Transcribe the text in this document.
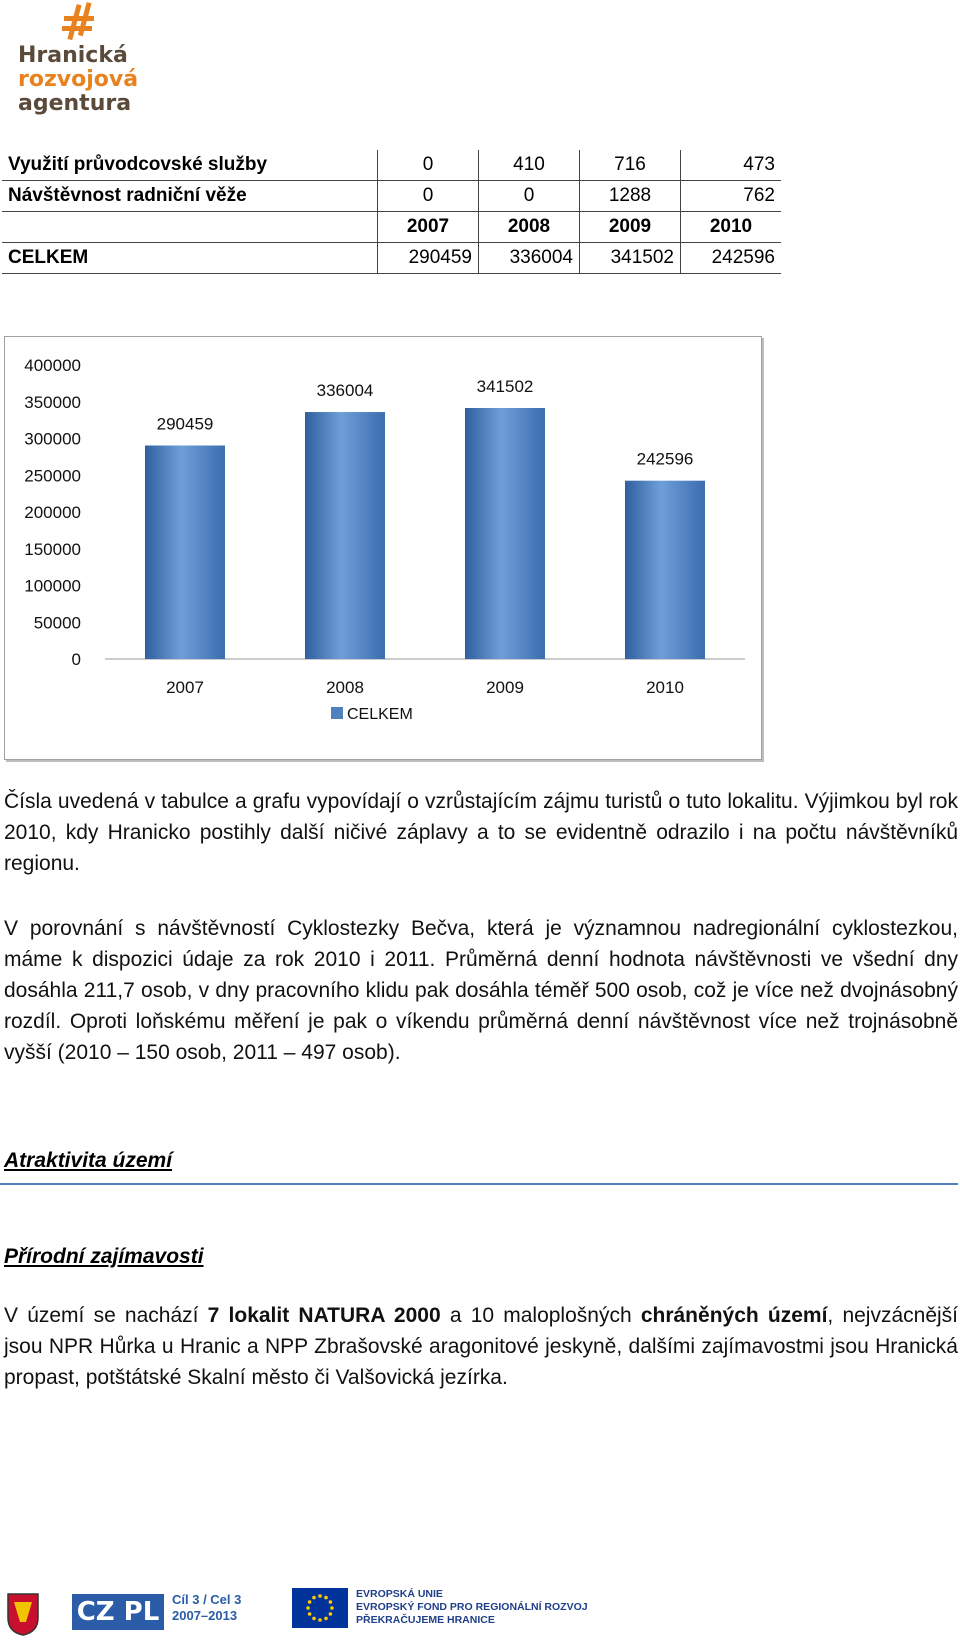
Hranická
rozvojová
agentura
Využití průvodcovské služby	0	410	716	473
Návštěvnost radniční věže	0	0	1288	762
	2007	2008	2009	2010
CELKEM	290459	336004	341502	242596
0
50000
100000
150000
200000
250000
300000
350000
400000
290459
2007
336004
2008
341502
2009
242596
2010
CELKEM
Čísla uvedená v tabulce a grafu vypovídají o vzrůstajícím zájmu turistů o tuto lokalitu. Výjimkou byl rok 2010, kdy Hranicko postihly další ničivé záplavy a to se evidentně odrazilo i na počtu návštěvníků regionu.
V porovnání s návštěvností Cyklostezky Bečva, která je významnou nadregionální cyklostezkou, máme k dispozici údaje za rok 2010 i 2011. Průměrná denní hodnota návštěvnosti ve všední dny dosáhla 211,7 osob, v dny pracovního klidu pak dosáhla téměř 500 osob, což je více než dvojnásobný rozdíl. Oproti loňskému měření je pak o víkendu průměrná denní návštěvnost více než trojnásobně vyšší (2010 – 150 osob, 2011 – 497 osob).
Atraktivita území
Přírodní zajímavosti
V území se nachází 7 lokalit NATURA 2000 a 10 maloplošných chráněných území, nejvzácnější jsou NPR Hůrka u Hranic a NPP Zbrašovské aragonitové jeskyně, dalšími zajímavostmi jsou Hranická propast, potštátské Skalní město či Valšovická jezírka.
CZ PL Cíl 3 / Cel 3
2007–2013
EVROPSKÁ UNIE
EVROPSKÝ FOND PRO REGIONÁLNÍ ROZVOJ
PŘEKRAČUJEME HRANICE
